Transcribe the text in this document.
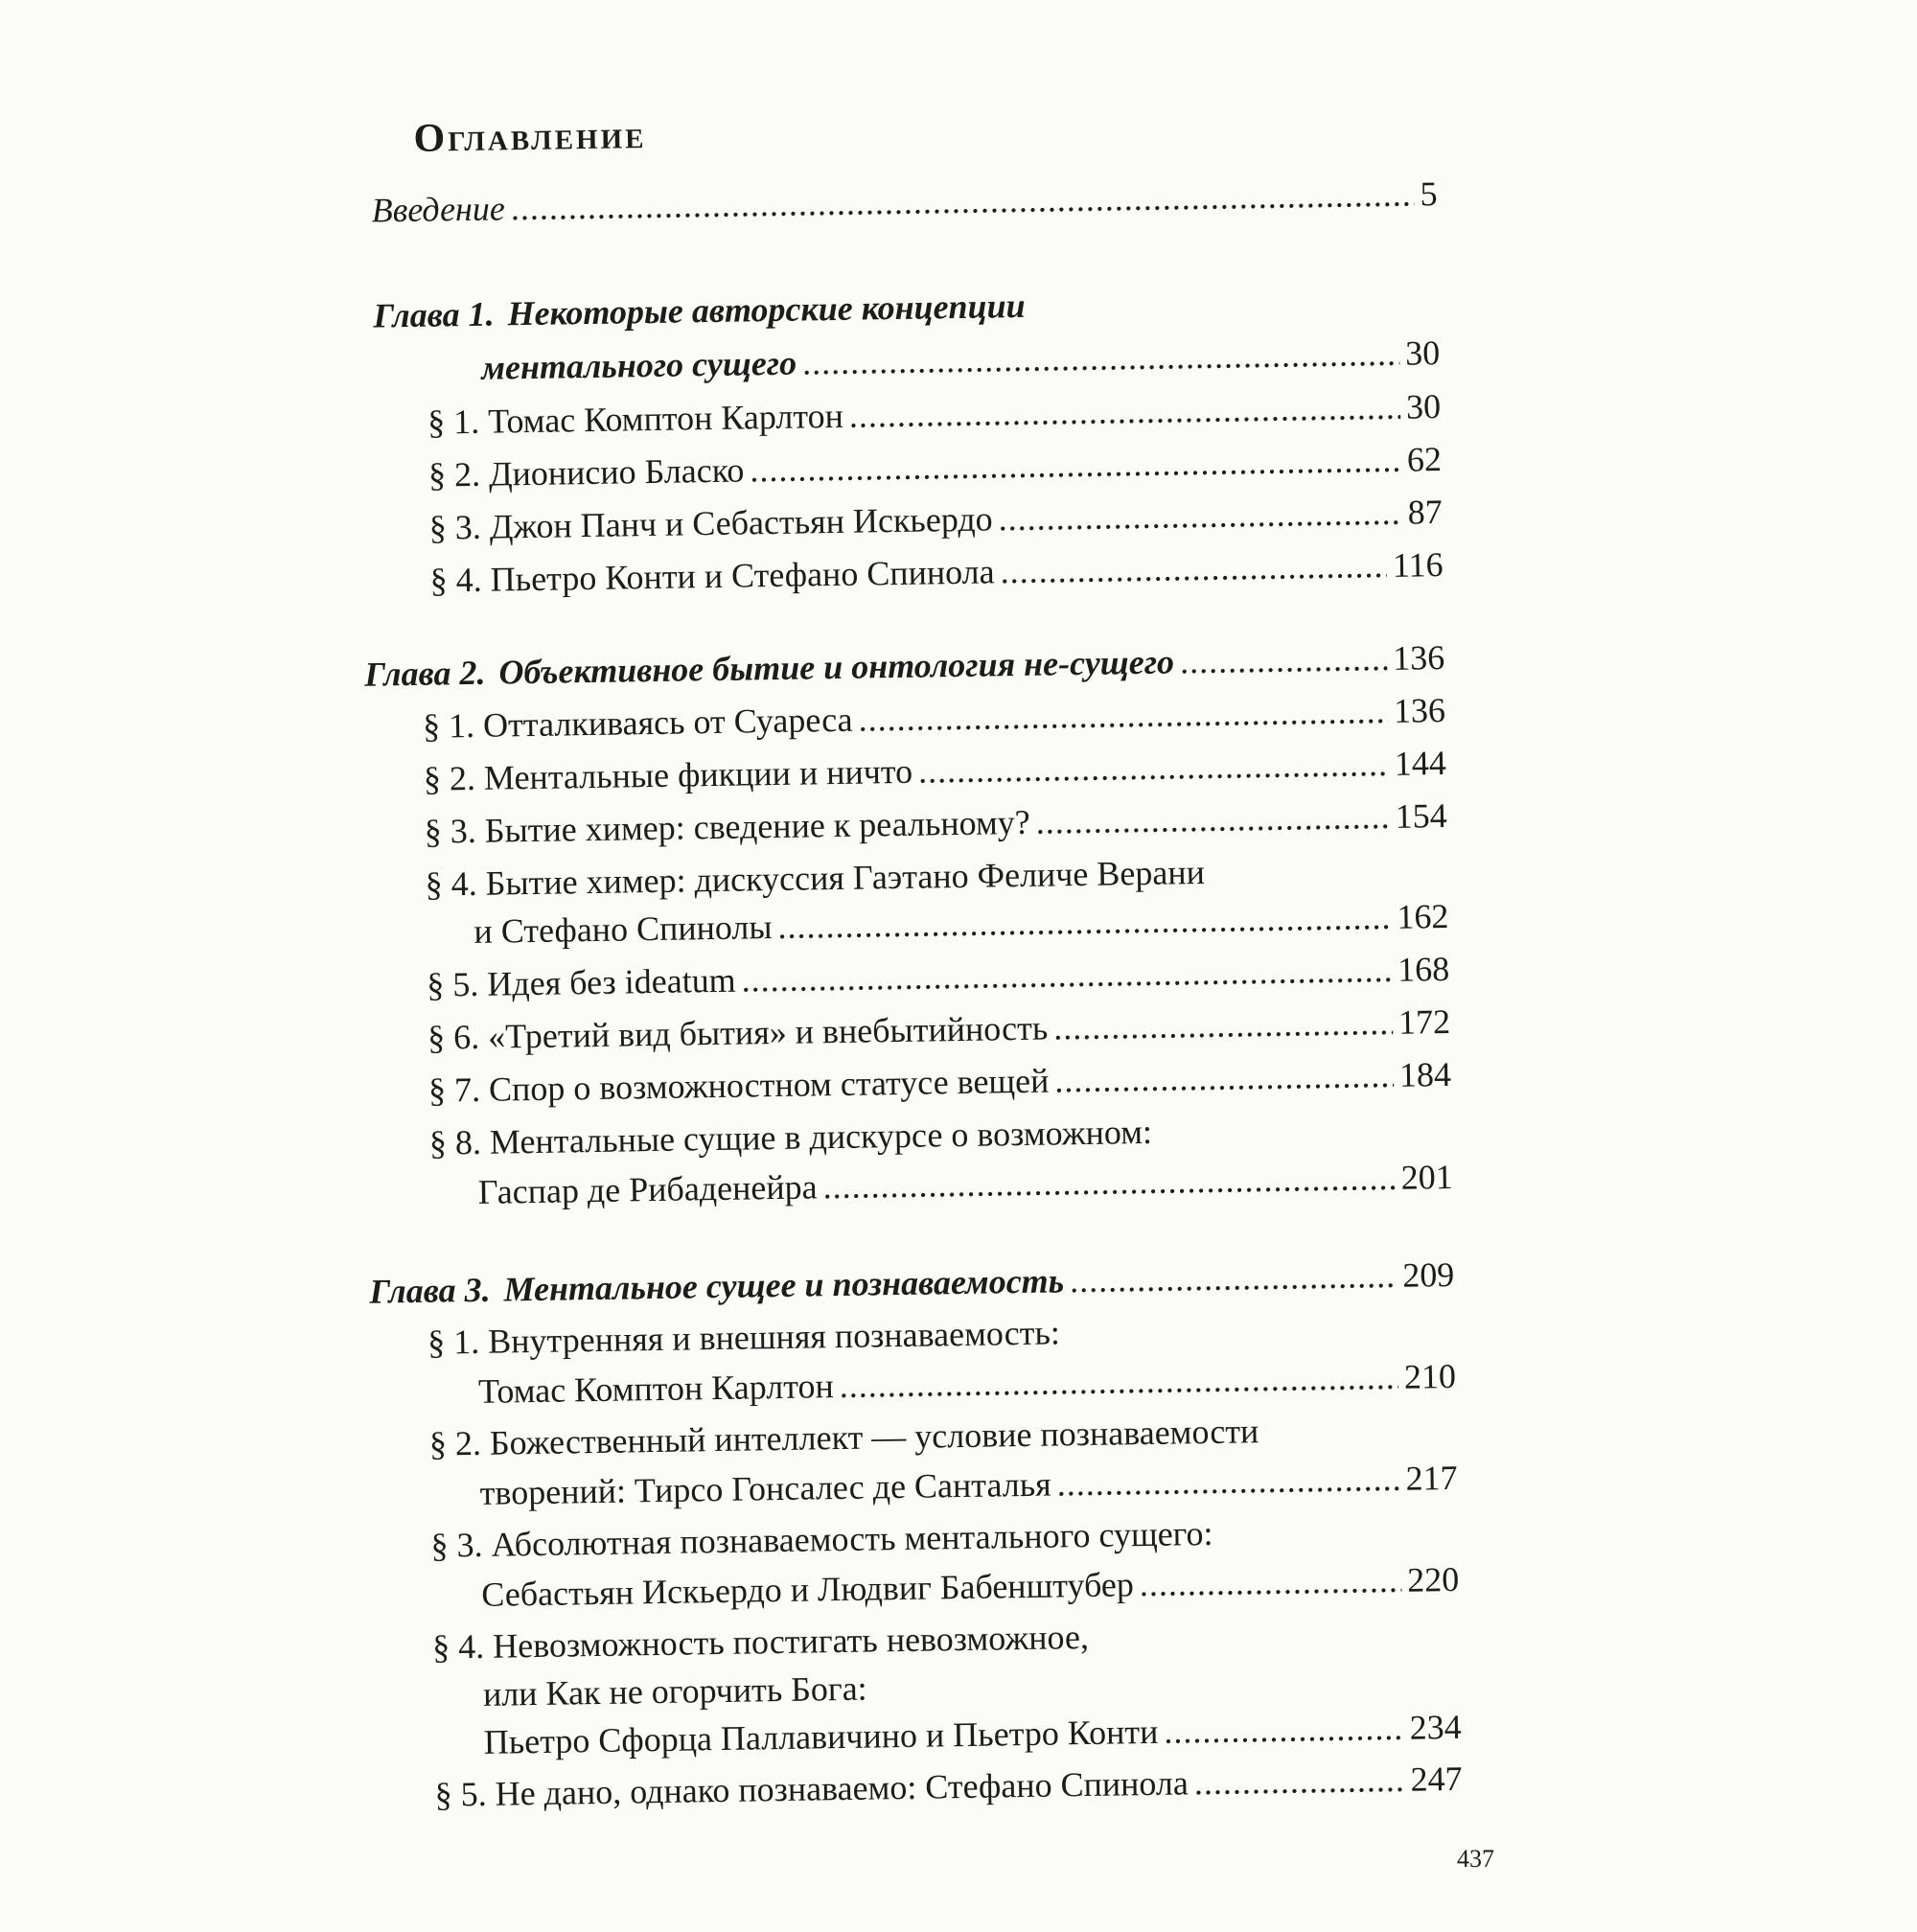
Оглавление
Введение .....	5
Глава 1. Некоторые авторские концепции
ментального сущего .....	30
§ 1. Томас Комптон Карлтон .....	30
§ 2. Дионисио Бласко .....	62
§ 3. Джон Панч и Себастьян Искьердо .....	87
§ 4. Пьетро Конти и Стефано Спинола .....	116
Глава 2. Объективное бытие и онтология не-сущего .....	136
§ 1. Отталкиваясь от Суареса .....	136
§ 2. Ментальные фикции и ничто .....	144
§ 3. Бытие химер: сведение к реальному? .....	154
§ 4. Бытие химер: дискуссия Гаэтано Феличе Верани
и Стефано Спинолы .....	162
§ 5. Идея без ideatum .....	168
§ 6. «Третий вид бытия» и внебытийность .....	172
§ 7. Спор о возможностном статусе вещей .....	184
§ 8. Ментальные сущие в дискурсе о возможном:
Гаспар де Рибаденейра .....	201
Глава 3. Ментальное сущее и познаваемость .....	209
§ 1. Внутренняя и внешняя познаваемость:
Томас Комптон Карлтон .....	210
§ 2. Божественный интеллект — условие познаваемости
творений: Тирсо Гонсалес де Санталья .....	217
§ 3. Абсолютная познаваемость ментального сущего:
Себастьян Искьердо и Людвиг Бабенштубер .....	220
§ 4. Невозможность постигать невозможное,
или Как не огорчить Бога:
Пьетро Сфорца Паллавичино и Пьетро Конти .....	234
§ 5. Не дано, однако познаваемо: Стефано Спинола .....	247
437
